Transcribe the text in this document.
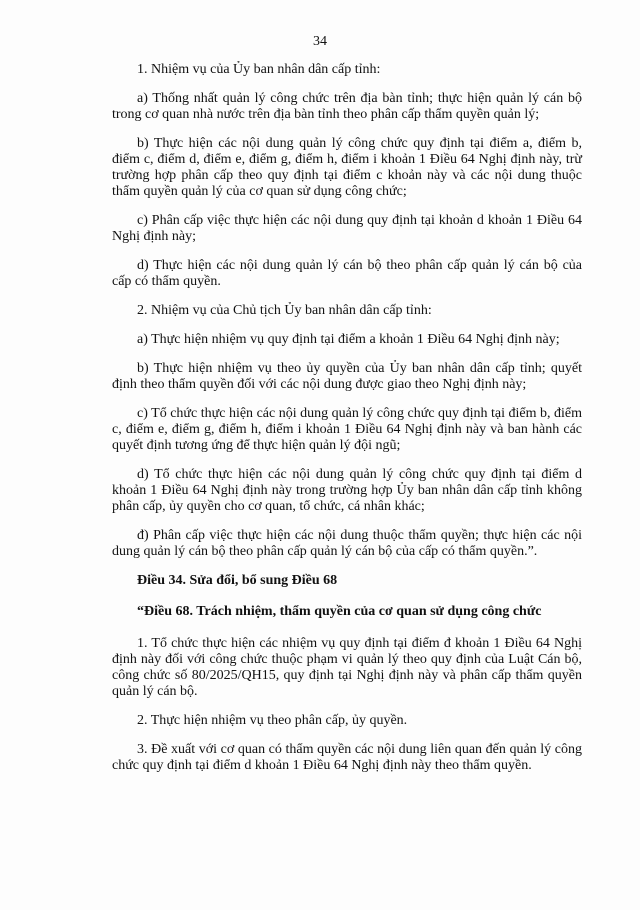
34

1. Nhiệm vụ của Ủy ban nhân dân cấp tỉnh:

a) Thống nhất quản lý công chức trên địa bàn tỉnh; thực hiện quản lý cán bộ trong cơ quan nhà nước trên địa bàn tỉnh theo phân cấp thẩm quyền quản lý;

b) Thực hiện các nội dung quản lý công chức quy định tại điểm a, điểm b, điểm c, điểm d, điểm e, điểm g, điểm h, điểm i khoản 1 Điều 64 Nghị định này, trừ trường hợp phân cấp theo quy định tại điểm c khoản này và các nội dung thuộc thẩm quyền quản lý của cơ quan sử dụng công chức;

c) Phân cấp việc thực hiện các nội dung quy định tại khoản d khoản 1 Điều 64 Nghị định này;

d) Thực hiện các nội dung quản lý cán bộ theo phân cấp quản lý cán bộ của cấp có thẩm quyền.

2. Nhiệm vụ của Chủ tịch Ủy ban nhân dân cấp tỉnh:

a) Thực hiện nhiệm vụ quy định tại điểm a khoản 1 Điều 64 Nghị định này;

b) Thực hiện nhiệm vụ theo ủy quyền của Ủy ban nhân dân cấp tỉnh; quyết định theo thẩm quyền đối với các nội dung được giao theo Nghị định này;

c) Tổ chức thực hiện các nội dung quản lý công chức quy định tại điểm b, điểm c, điểm e, điểm g, điểm h, điểm i khoản 1 Điều 64 Nghị định này và ban hành các quyết định tương ứng để thực hiện quản lý đội ngũ;

d) Tổ chức thực hiện các nội dung quản lý công chức quy định tại điểm d khoản 1 Điều 64 Nghị định này trong trường hợp Ủy ban nhân dân cấp tỉnh không phân cấp, ủy quyền cho cơ quan, tổ chức, cá nhân khác;

đ) Phân cấp việc thực hiện các nội dung thuộc thẩm quyền; thực hiện các nội dung quản lý cán bộ theo phân cấp quản lý cán bộ của cấp có thẩm quyền.”.

Điều 34. Sửa đổi, bổ sung Điều 68

“Điều 68. Trách nhiệm, thẩm quyền của cơ quan sử dụng công chức

1. Tổ chức thực hiện các nhiệm vụ quy định tại điểm đ khoản 1 Điều 64 Nghị định này đối với công chức thuộc phạm vi quản lý theo quy định của Luật Cán bộ, công chức số 80/2025/QH15, quy định tại Nghị định này và phân cấp thẩm quyền quản lý cán bộ.

2. Thực hiện nhiệm vụ theo phân cấp, ủy quyền.

3. Đề xuất với cơ quan có thẩm quyền các nội dung liên quan đến quản lý công chức quy định tại điểm d khoản 1 Điều 64 Nghị định này theo thẩm quyền.
